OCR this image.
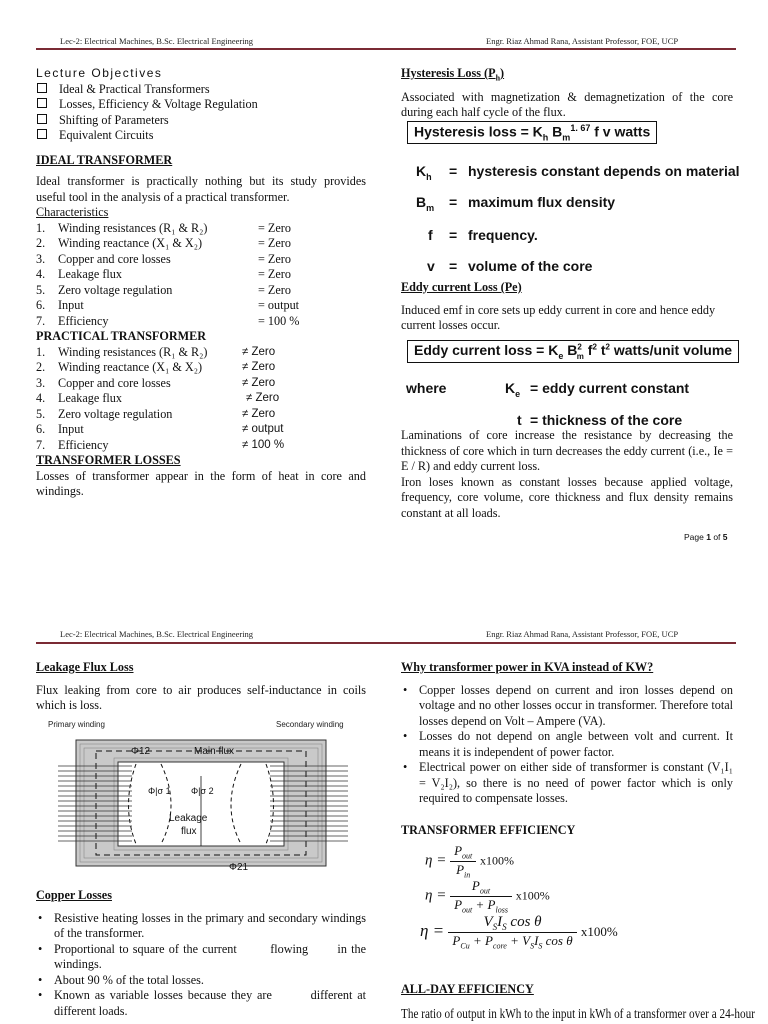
Lec-2: Electrical Machines, B.Sc. Electrical Engineering	Engr. Riaz Ahmad Rana, Assistant Professor, FOE, UCP
Lecture Objectives
Ideal & Practical Transformers
Losses, Efficiency & Voltage Regulation
Shifting of Parameters
Equivalent Circuits
IDEAL TRANSFORMER

Ideal transformer is practically nothing but its study provides useful tool in the analysis of a practical transformer.

Characteristics
1. Winding resistances (R₁ & R₂)	= Zero
2. Winding reactance (X₁ & X₂)	= Zero
3. Copper and core losses	= Zero
4. Leakage flux	= Zero
5. Zero voltage regulation	= Zero
6. Input	= output
7. Efficiency	= 100 %
PRACTICAL TRANSFORMER
1. Winding resistances (R₁ & R₂)	≠ Zero
2. Winding reactance (X₁ & X₂)	≠ Zero
3. Copper and core losses	≠ Zero
4. Leakage flux	≠ Zero
5. Zero voltage regulation	≠ Zero
6. Input	≠ output
7. Efficiency	≠ 100 %
TRANSFORMER LOSSES

Losses of transformer appear in the form of heat in core and windings.

Hysteresis Loss $(P_h)$

Associated with magnetization & demagnetization of the core during each half cycle of the flux.

Hysteresis loss = $K_h$ $B_m^{1. 67}$ f v watts
$K_h$ = hysteresis constant depends on material
$B_m$ = maximum flux density
f = frequency.
v = volume of the core
Eddy current Loss (Pe)

Induced emf in core sets up eddy current in core and hence eddy current losses occur.

Eddy current loss = $K_e$ $B^2_m$ $f^2$ $t^2$ watts/unit volume
where	$K_e$ = eddy current constant
t = thickness of the core

Laminations of core increase the resistance by decreasing the thickness of core which in turn decreases the eddy current (i.e., Ie = E / R) and eddy current loss.

Iron loses known as constant losses because applied voltage, frequency, core volume, core thickness and flux density remains constant at all loads.

Page 1 of 5
Lec-2: Electrical Machines, B.Sc. Electrical Engineering	Engr. Riaz Ahmad Rana, Assistant Professor, FOE, UCP
Leakage Flux Loss

Flux leaking from core to air produces self-inductance in coils which is loss.

Primary winding	Secondary winding
Φ12	Main flux
Φ|σ 1 Φ|σ 2
Leakage
flux
Φ21
Copper Losses
• Resistive heating losses in the primary and secondary windings of the transformer.
• Proportional to square of the current        flowing       in the windings.
• About 90 % of the total losses.
• Known as variable losses because they are        different at different loads.
Why transformer power in KVA instead of KW?
• Copper losses depend on current and iron losses depend on voltage and no other losses occur in transformer. Therefore total losses depend on Volt – Ampere (VA).
• Losses do not depend on angle between volt and current. It means it is independent of power factor.
• Electrical power on either side of transformer is constant (V₁I₁ = V₂I₂), so there is no need of power factor which is only required to compensate losses.
TRANSFORMER EFFICIENCY
$\eta = \frac{P_{out}}{P_{in}} x100\%$
$\eta = \frac{P_{out}}{P_{out} + P_{loss}} x100\%$
$\eta = \frac{V_SI_S \cos \theta}{P_{Cu} + P_{core} + V_SI_S \cos \theta} x100\%$
ALL-DAY EFFICIENCY
The ratio of output in kWh to the input in kWh of a transformer over a 24-hour
